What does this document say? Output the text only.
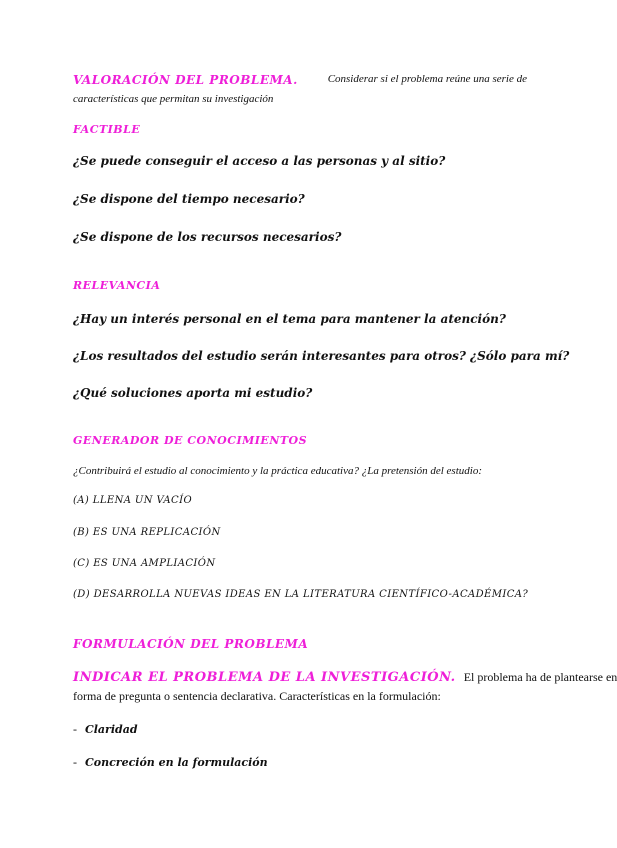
VALORACIÓN DEL PROBLEMA.	Considerar si el problema reúne una serie de
características que permitan su investigación
FACTIBLE
¿Se puede conseguir el acceso a las personas y al sitio?
¿Se dispone del tiempo necesario?
¿Se dispone de los recursos necesarios?
RELEVANCIA
¿Hay un interés personal en el tema para mantener la atención?
¿Los resultados del estudio serán interesantes para otros? ¿Sólo para mí?
¿Qué soluciones aporta mi estudio?
GENERADOR DE CONOCIMIENTOS
¿Contribuirá el estudio al conocimiento y la práctica educativa? ¿La pretensión del estudio:
(A) LLENA UN VACÍO
(B) ES UNA REPLICACIÓN
(C) ES UNA AMPLIACIÓN
(D) DESARROLLA NUEVAS IDEAS EN LA LITERATURA CIENTÍFICO-ACADÉMICA?
FORMULACIÓN DEL PROBLEMA
INDICAR EL PROBLEMA DE LA INVESTIGACIÓN. El problema ha de plantearse en
forma de pregunta o sentencia declarativa. Características en la formulación:
- Claridad
- Concreción en la formulación
